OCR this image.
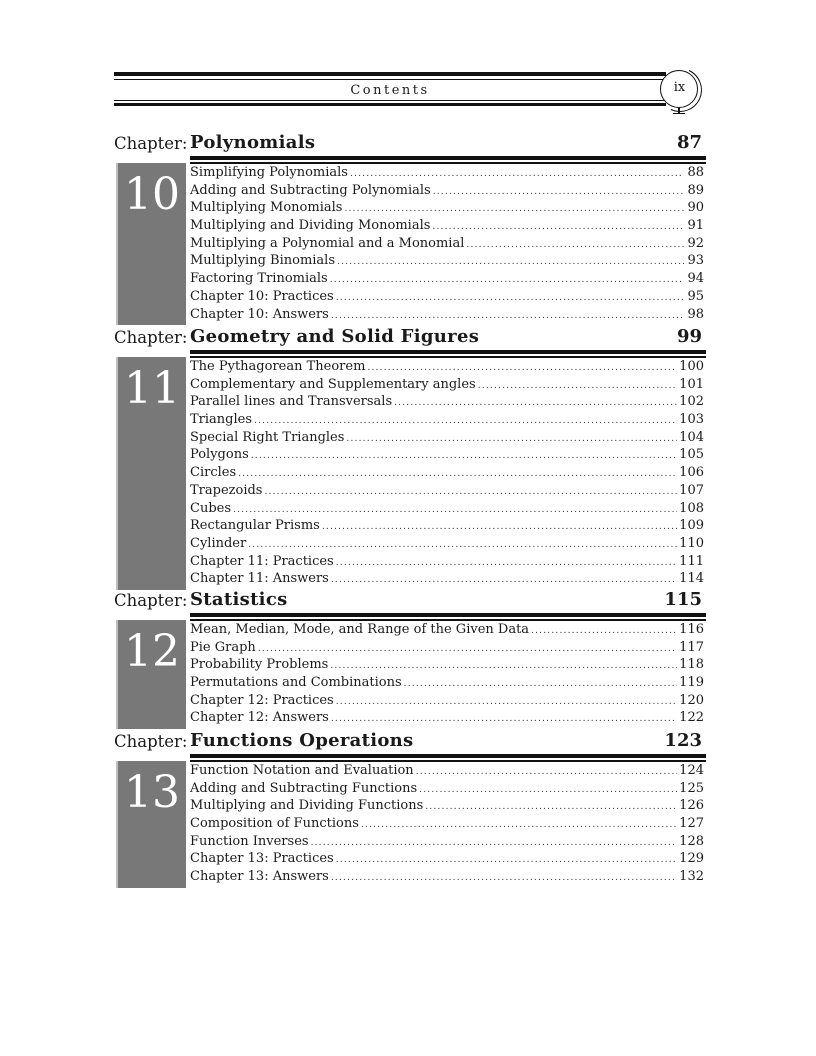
Contents	ix
Chapter: Polynomials	87
10 Simplifying Polynomials .....	88
Adding and Subtracting Polynomials .....	89
Multiplying Monomials .....	90
Multiplying and Dividing Monomials .....	91
Multiplying a Polynomial and a Monomial .....	92
Multiplying Binomials .....	93
Factoring Trinomials .....	94
Chapter 10: Practices .....	95
Chapter 10: Answers .....	98
Chapter: Geometry and Solid Figures	99
11 The Pythagorean Theorem .....	100
Complementary and Supplementary angles .....	101
Parallel lines and Transversals .....	102
Triangles .....	103
Special Right Triangles .....	104
Polygons .....	105
Circles .....	106
Trapezoids .....	107
Cubes .....	108
Rectangular Prisms .....	109
Cylinder .....	110
Chapter 11: Practices .....	111
Chapter 11: Answers .....	114
Chapter: Statistics	115
12 Mean, Median, Mode, and Range of the Given Data .....	116
Pie Graph .....	117
Probability Problems .....	118
Permutations and Combinations .....	119
Chapter 12: Practices .....	120
Chapter 12: Answers .....	122
Chapter: Functions Operations	123
13 Function Notation and Evaluation .....	124
Adding and Subtracting Functions .....	125
Multiplying and Dividing Functions .....	126
Composition of Functions .....	127
Function Inverses .....	128
Chapter 13: Practices .....	129
Chapter 13: Answers .....	132
